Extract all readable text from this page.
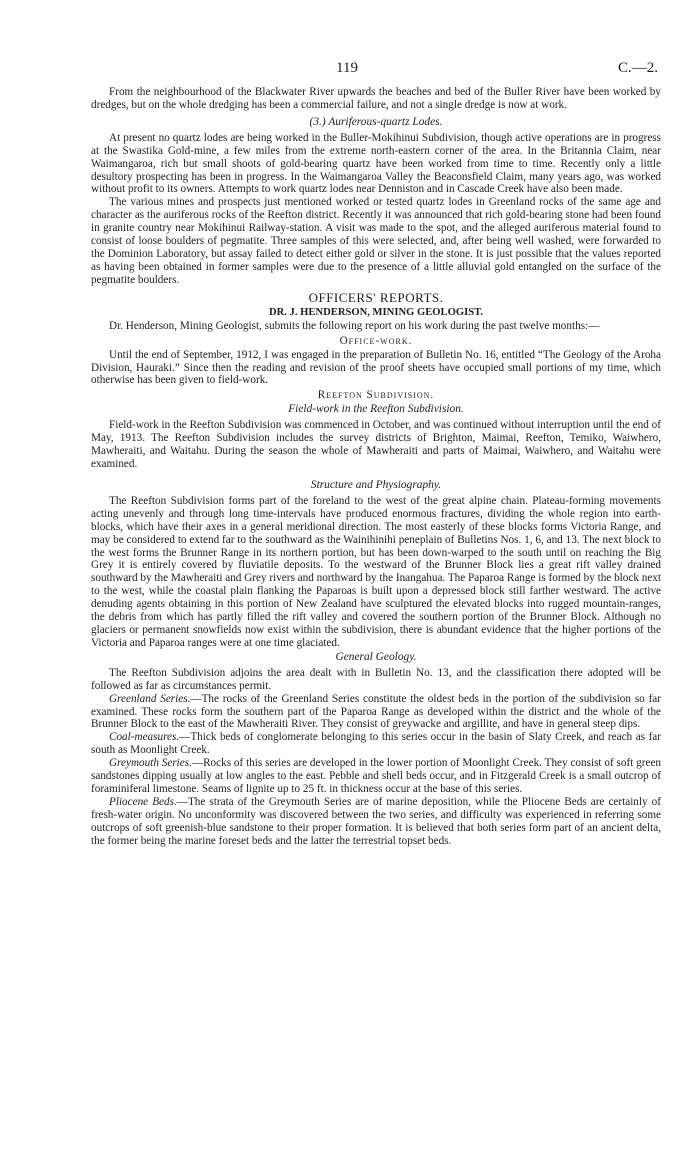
119	C.—2.

From the neighbourhood of the Blackwater River upwards the beaches and bed of the Buller River have been worked by dredges, but on the whole dredging has been a commercial failure, and not a single dredge is now at work.

(3.) Auriferous-quartz Lodes.

At present no quartz lodes are being worked in the Buller-Mokihinui Subdivision, though active operations are in progress at the Swastika Gold-mine, a few miles from the extreme north-eastern corner of the area. In the Britannia Claim, near Waimangaroa, rich but small shoots of gold-bearing quartz have been worked from time to time. Recently only a little desultory prospecting has been in progress. In the Waimangaroa Valley the Beaconsfield Claim, many years ago, was worked without profit to its owners. Attempts to work quartz lodes near Denniston and in Cascade Creek have also been made.

The various mines and prospects just mentioned worked or tested quartz lodes in Greenland rocks of the same age and character as the auriferous rocks of the Reefton district. Recently it was announced that rich gold-bearing stone had been found in granite country near Mokihinui Railway-station. A visit was made to the spot, and the alleged auriferous material found to consist of loose boulders of pegmatite. Three samples of this were selected, and, after being well washed, were forwarded to the Dominion Laboratory, but assay failed to detect either gold or silver in the stone. It is just possible that the values reported as having been obtained in former samples were due to the presence of a little alluvial gold entangled on the surface of the pegmatite boulders.

OFFICERS' REPORTS.
DR. J. HENDERSON, MINING GEOLOGIST.

Dr. Henderson, Mining Geologist, submits the following report on his work during the past twelve months:—

Office-work.

Until the end of September, 1912, I was engaged in the preparation of Bulletin No. 16, entitled “The Geology of the Aroha Division, Hauraki.” Since then the reading and revision of the proof sheets have occupied small portions of my time, which otherwise has been given to field-work.

Reefton Subdivision.
Field-work in the Reefton Subdivision.

Field-work in the Reefton Subdivision was commenced in October, and was continued without interruption until the end of May, 1913. The Reefton Subdivision includes the survey districts of Brighton, Maimai, Reefton, Temiko, Waiwhero, Mawheraiti, and Waitahu. During the season the whole of Mawheraiti and parts of Maimai, Waiwhero, and Waitahu were examined.

Structure and Physiography.

The Reefton Subdivision forms part of the foreland to the west of the great alpine chain. Plateau-forming movements acting unevenly and through long time-intervals have produced enormous fractures, dividing the whole region into earth-blocks, which have their axes in a general meridional direction. The most easterly of these blocks forms Victoria Range, and may be considered to extend far to the southward as the Wainihinihi peneplain of Bulletins Nos. 1, 6, and 13. The next block to the west forms the Brunner Range in its northern portion, but has been down-warped to the south until on reaching the Big Grey it is entirely covered by fluviatile deposits. To the westward of the Brunner Block lies a great rift valley drained southward by the Mawheraiti and Grey rivers and northward by the Inangahua. The Paparoa Range is formed by the block next to the west, while the coastal plain flanking the Paparoas is built upon a depressed block still farther westward. The active denuding agents obtaining in this portion of New Zealand have sculptured the elevated blocks into rugged mountain-ranges, the debris from which has partly filled the rift valley and covered the southern portion of the Brunner Block. Although no glaciers or permanent snowfields now exist within the subdivision, there is abundant evidence that the higher portions of the Victoria and Paparoa ranges were at one time glaciated.

General Geology.

The Reefton Subdivision adjoins the area dealt with in Bulletin No. 13, and the classification there adopted will be followed as far as circumstances permit.

Greenland Series.—The rocks of the Greenland Series constitute the oldest beds in the portion of the subdivision so far examined. These rocks form the southern part of the Paparoa Range as developed within the district and the whole of the Brunner Block to the east of the Mawheraiti River. They consist of greywacke and argillite, and have in general steep dips.

Coal-measures.—Thick beds of conglomerate belonging to this series occur in the basin of Slaty Creek, and reach as far south as Moonlight Creek.

Greymouth Series.—Rocks of this series are developed in the lower portion of Moonlight Creek. They consist of soft green sandstones dipping usually at low angles to the east. Pebble and shell beds occur, and in Fitzgerald Creek is a small outcrop of foraminiferal limestone. Seams of lignite up to 25 ft. in thickness occur at the base of this series.

Pliocene Beds.—The strata of the Greymouth Series are of marine deposition, while the Pliocene Beds are certainly of fresh-water origin. No unconformity was discovered between the two series, and difficulty was experienced in referring some outcrops of soft greenish-blue sandstone to their proper formation. It is believed that both series form part of an ancient delta, the former being the marine foreset beds and the latter the terrestrial topset beds.
